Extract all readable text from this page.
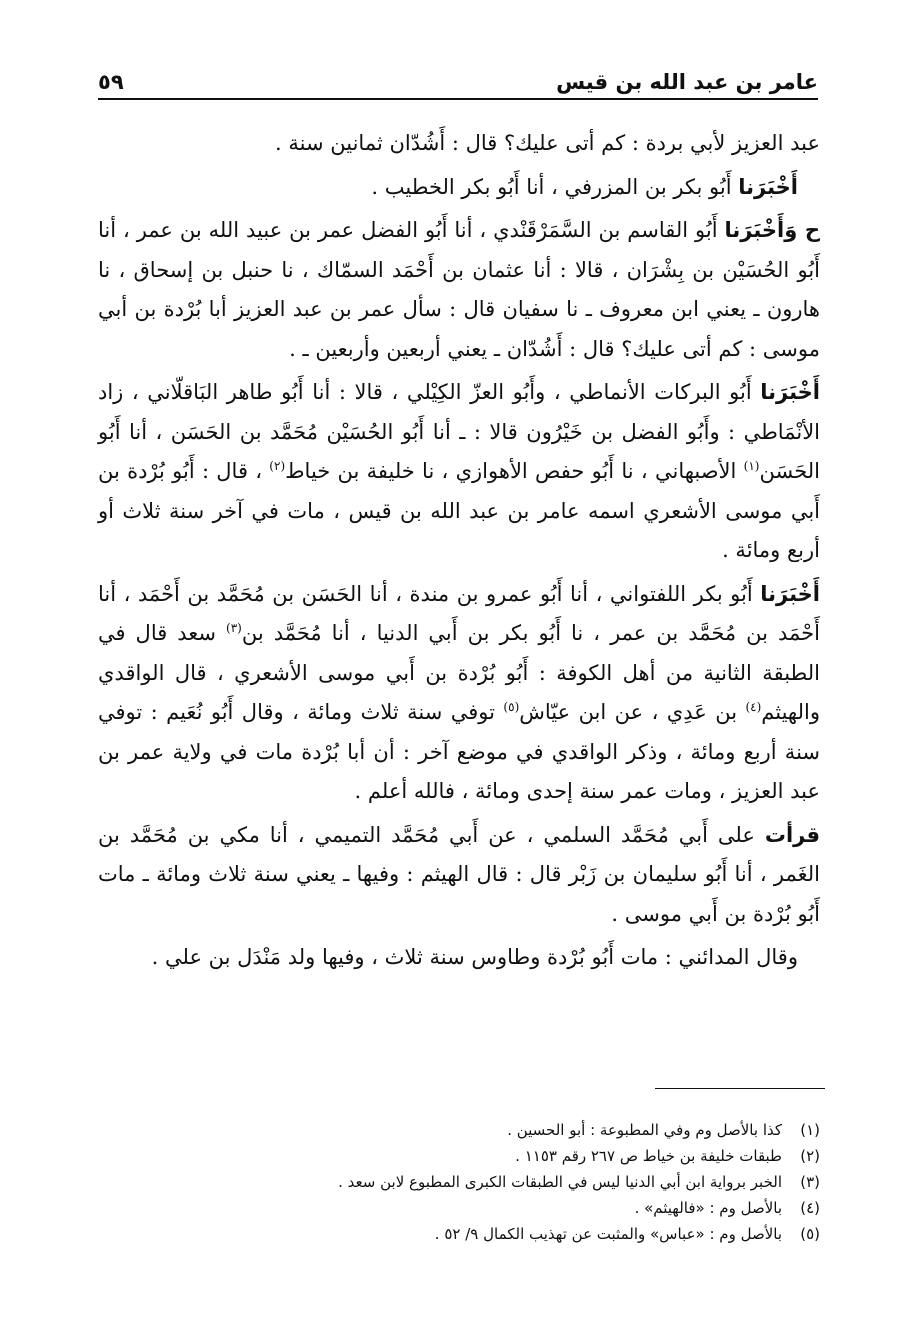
عامر بن عبد الله بن قيس
٥٩

عبد العزيز لأبي بردة : كم أتى عليك؟ قال : أَشُدّان ثمانين سنة .

أَخْبَرَنا أَبُو بكر بن المزرفي ، أنا أَبُو بكر الخطيب .

ح وَأَخْبَرَنا أَبُو القاسم بن السَّمَرْقَنْدي ، أنا أَبُو الفضل عمر بن عبيد الله بن عمر ، أنا أَبُو الحُسَيْن بن بِشْرَان ، قالا : أنا عثمان بن أَحْمَد السمّاك ، نا حنبل بن إسحاق ، نا هارون ـ يعني ابن معروف ـ نا سفيان قال : سأل عمر بن عبد العزيز أبا بُرْدة بن أبي موسى : كم أتى عليك؟ قال : أَشُدّان ـ يعني أربعين وأربعين ـ .

أَخْبَرَنا أَبُو البركات الأنماطي ، وأَبُو العزّ الكِيْلي ، قالا : أنا أَبُو طاهر البَاقلّاني ، زاد الأنْمَاطي : وأَبُو الفضل بن خَيْرُون قالا : ـ أنا أَبُو الحُسَيْن مُحَمَّد بن الحَسَن ، أنا أَبُو الحَسَن$^{(١)}$ الأصبهاني ، نا أَبُو حفص الأهوازي ، نا خليفة بن خياط$^{(٢)}$ ، قال : أَبُو بُرْدة بن أَبي موسى الأشعري اسمه عامر بن عبد الله بن قيس ، مات في آخر سنة ثلاث أو أربع ومائة .

أَخْبَرَنا أَبُو بكر اللفتواني ، أنا أَبُو عمرو بن مندة ، أنا الحَسَن بن مُحَمَّد بن أَحْمَد ، أنا أَحْمَد بن مُحَمَّد بن عمر ، نا أَبُو بكر بن أَبي الدنيا ، أنا مُحَمَّد بن$^{(٣)}$ سعد قال في الطبقة الثانية من أهل الكوفة : أَبُو بُرْدة بن أَبي موسى الأشعري ، قال الواقدي والهيثم$^{(٤)}$ بن عَدِي ، عن ابن عيّاش$^{(٥)}$ توفي سنة ثلاث ومائة ، وقال أَبُو نُعَيم : توفي سنة أربع ومائة ، وذكر الواقدي في موضع آخر : أن أبا بُرْدة مات في ولاية عمر بن عبد العزيز ، ومات عمر سنة إحدى ومائة ، فالله أعلم .

قرأت على أَبي مُحَمَّد السلمي ، عن أَبي مُحَمَّد التميمي ، أنا مكي بن مُحَمَّد بن الغَمر ، أنا أَبُو سليمان بن زَبْر قال : قال الهيثم : وفيها ـ يعني سنة ثلاث ومائة ـ مات أَبُو بُرْدة بن أَبي موسى .

وقال المدائني : مات أَبُو بُرْدة وطاوس سنة ثلاث ، وفيها ولد مَنْدَل بن علي .

(١)
كذا بالأصل وم وفي المطبوعة : أبو الحسين .
(٢)
طبقات خليفة بن خياط ص ٢٦٧ رقم ١١٥٣ .
(٣)
الخبر برواية ابن أبي الدنيا ليس في الطبقات الكبرى المطبوع لابن سعد .
(٤)
بالأصل وم : «فالهيثم» .
(٥)
بالأصل وم : «عباس» والمثبت عن تهذيب الكمال ٩/ ٥٢ .
